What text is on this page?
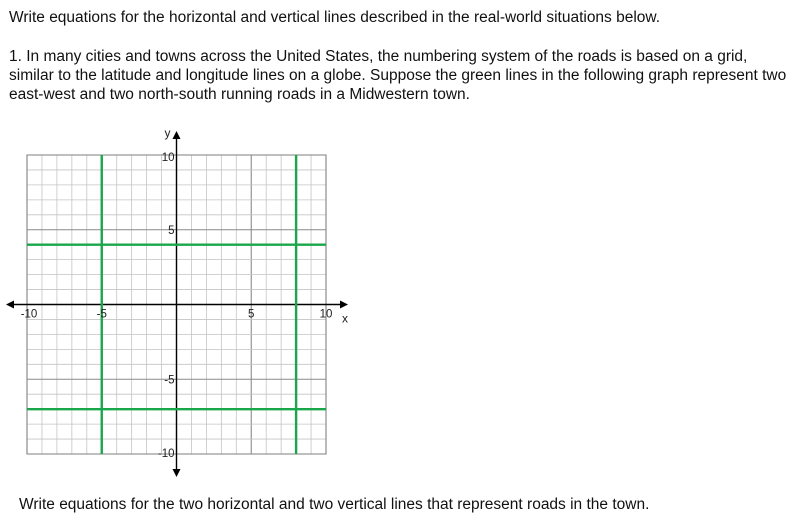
Write equations for the horizontal and vertical lines described in the real-world situations below.

1. In many cities and towns across the United States, the numbering system of the roads is based on a grid, similar to the latitude and longitude lines on a globe. Suppose the green lines in the following graph represent two east-west and two north-south running roads in a Midwestern town.

-10	-5	5	10
10
5
-5
-10
x
y

Write equations for the two horizontal and two vertical lines that represent roads in the town.
